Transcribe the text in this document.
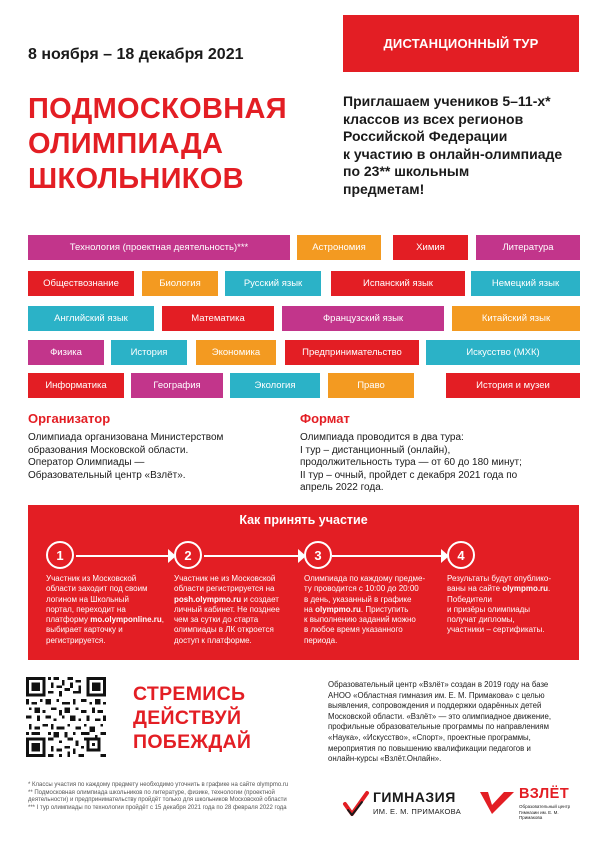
ДИСТАНЦИОННЫЙ ТУР
8 ноября – 18 декабря 2021
ПОДМОСКОВНАЯ
ОЛИМПИАДА
ШКОЛЬНИКОВ
Приглашаем учеников 5–11-х*
классов из всех регионов
Российской Федерации
к участию в онлайн-олимпиаде
по 23** школьным
предметам!
Технология (проектная деятельность)***	Астрономия	Химия	Литература
Обществознание	Биология	Русский язык	Испанский язык	Немецкий язык
Английский язык	Математика	Французский язык	Китайский язык
Физика	История	Экономика	Предпринимательство	Искусство (МХК)
Информатика	География	Экология	Право	История и музеи
Организатор
Олимпиада организована Министерством
образования Московской области.
Оператор Олимпиады —
Образовательный центр «Взлёт».
Формат
Олимпиада проводится в два тура:
I тур – дистанционный (онлайн),
продолжительность тура — от 60 до 180 минут;
II тур – очный, пройдет с декабря 2021 года по
апрель 2022 года.
Как принять участие
1	2	3	4
Участник из Московской
области заходит под своим
логином на Школьный
портал, переходит на
платформу mo.olymponline.ru,
выбирает карточку и
регистрируется.
Участник не из Московской
области регистрируется на
posh.olympmo.ru и создает
личный кабинет. Не позднее
чем за сутки до старта
олимпиады в ЛК откроется
доступ к платформе.
Олимпиада по каждому предме-
ту проводится с 10:00 до 20:00
в день, указанный в графике
на olympmo.ru. Приступить
к выполнению заданий можно
в любое время указанного
периода.
Результаты будут опублико-
ваны на сайте olympmo.ru.
Победители
и призёры олимпиады
получат дипломы,
участники – сертификаты.
СТРЕМИСЬ
ДЕЙСТВУЙ
ПОБЕЖДАЙ
Образовательный центр «Взлёт» создан в 2019 году на базе
АНОО «Областная гимназия им. Е. М. Примакова» с целью
выявления, сопровождения и поддержки одарённых детей
Московской области. «Взлёт» — это олимпиадное движение,
профильные образовательные программы по направлениям
«Наука», «Искусство», «Спорт», проектные программы,
мероприятия по повышению квалификации педагогов и
онлайн-курсы «Взлёт.Онлайн».
* Классы участия по каждому предмету необходимо уточнить в графике на сайте olympmo.ru
** Подмосковная олимпиада школьников по литературе, физике, технологии (проектной
деятельности) и предпринимательству пройдёт только для школьников Московской области
*** I тур олимпиады по технологии пройдёт с 15 декабря 2021 года по 28 февраля 2022 года
ГИМНАЗИЯ
ИМ. Е. М. ПРИМАКОВА
ВЗЛЁТ
Образовательный центр Гимназии им. Е. М. Примакова
